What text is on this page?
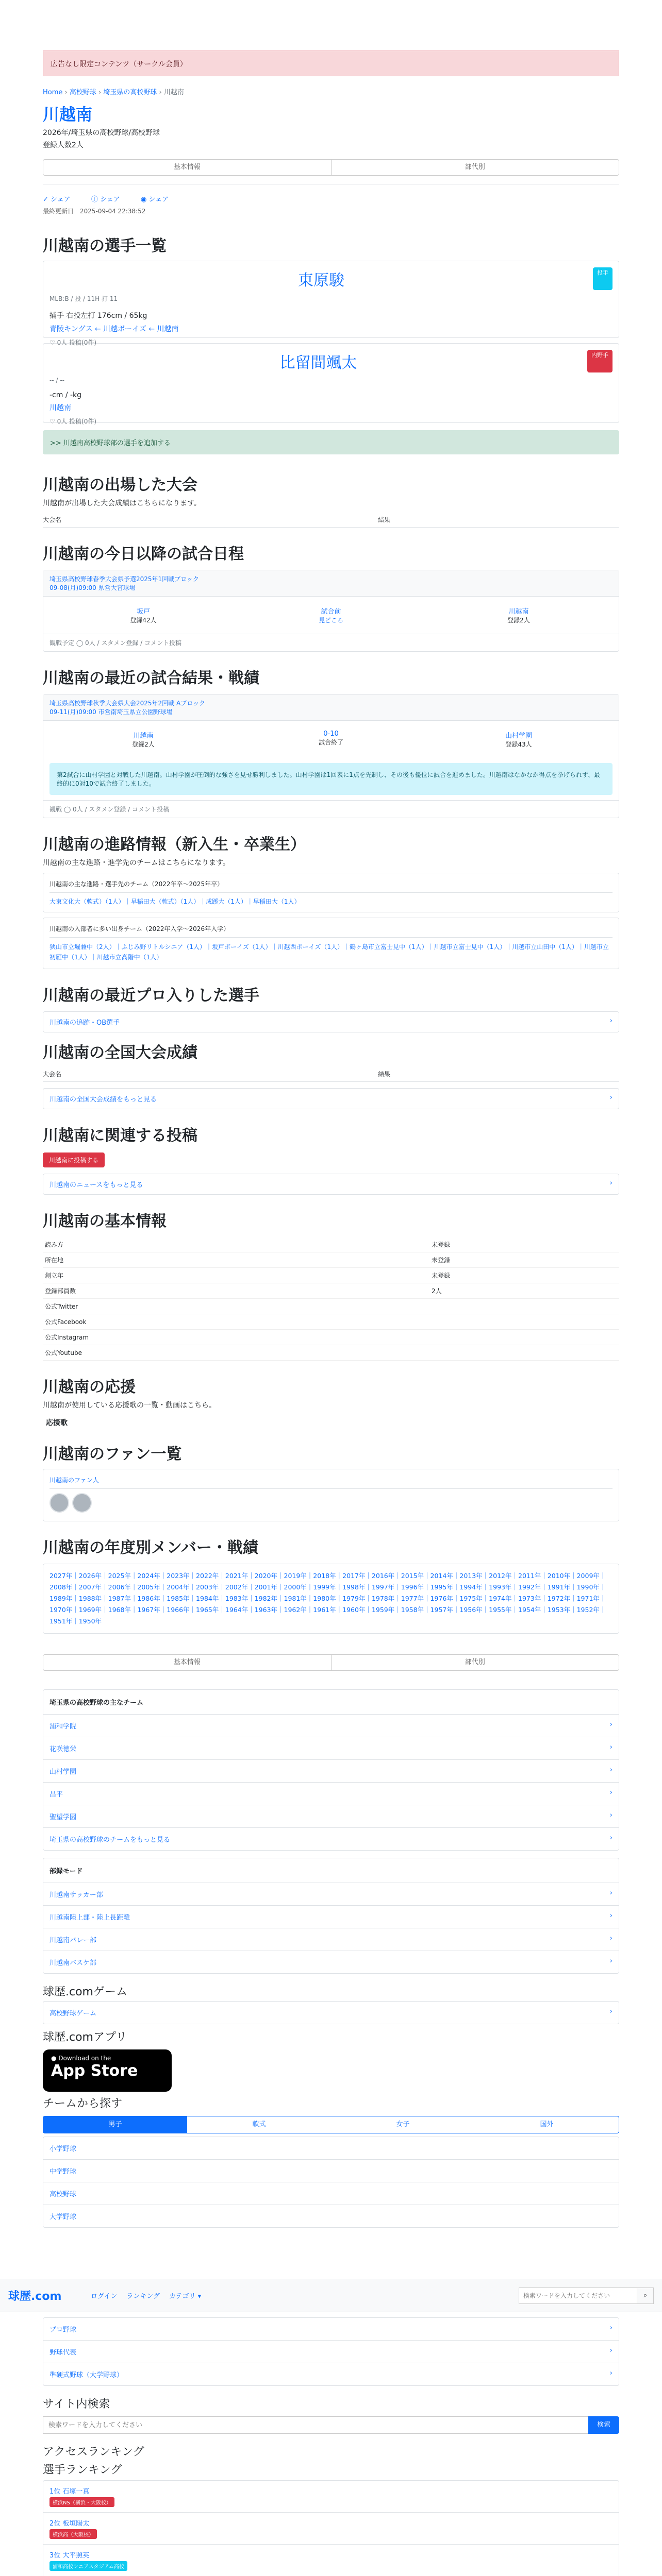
広告なし限定コンテンツ（サークル会員）
Home › 高校野球 › 埼玉県の高校野球 › 川越南
川越南
2026年/埼玉県の高校野球/高校野球
登録人数2人
基本情報	部代別
✓ シェア	ⓕ シェア	◉ シェア
最終更新日　2025-09-04 22:38:52
川越南の選手一覧
東原駿	投手
MLB:B / 投 / 11H 打 11
捕手 右投左打 176cm / 65kg
青陵キングス ← 川越ボーイズ ← 川越南
♡ 0人 投稿(0件)
比留間颯太	内野手
-- / --
-cm / -kg
川越南
♡ 0人 投稿(0件)
>> 川越南高校野球部の選手を追加する
川越南の出場した大会
川越南が出場した大会成績はこちらになります。
大会名	結果
川越南の今日以降の試合日程
埼玉県高校野球春季大会県予選2025年1回戦ブロック
09-08(月)09:00 県営大宮球場
坂戸
登録42人
試合前
見どころ
川越南
登録2人
観戦予定 ◯ 0人 / スタメン登録 / コメント投稿
川越南の最近の試合結果・戦績
埼玉県高校野球秋季大会県大会2025年2回戦 Aブロック
09-11(月)09:00 市営南埼玉県立公園野球場
川越南
登録2人
0-10
試合終了
山村学園
登録43人
第2試合に山村学園と対戦した川越南。山村学園が圧倒的な強さを見せ勝利しました。山村学園は1回表に1点を先制し、その後も優位に試合を進めました。川越南はなかなか得点を挙げられず、最終的に0対10で試合終了しました。
観戦 ◯ 0人 / スタメン登録 / コメント投稿
川越南の進路情報（新入生・卒業生）
川越南の主な進路・進学先のチームはこちらになります。
川越南の主な進路・選手先のチーム（2022年卒〜2025年卒）
大東文化大（軟式）（1人）｜早稲田大（軟式）（1人）｜成蹊大（1人）｜早稲田大（1人）
川越南の入部者に多い出身チーム（2022年入学〜2026年入学）
狭山市立堀兼中（2人）｜ふじみ野リトルシニア（1人）｜坂戸ボーイズ（1人）｜川越西ボーイズ（1人）｜鶴ヶ島市立富士見中（1人）｜川越市立富士見中（1人）｜川越市立山田中（1人）｜川越市立初雁中（1人）｜川越市立高階中（1人）
川越南の最近プロ入りした選手
川越南の追跡・OB選手	›
川越南の全国大会成績
大会名	結果
川越南の全国大会成績をもっと見る	›
川越南に関連する投稿
川越南に投稿する
川越南のニュースをもっと見る	›
川越南の基本情報
読み方	未登録
所在地	未登録
創立年	未登録
登録部員数	2人
公式Twitter	
公式Facebook	
公式Instagram	
公式Youtube	
川越南の応援
川越南が使用している応援歌の一覧・動画はこちら。
応援歌
川越南のファン一覧
川越南のファン人
川越南の年度別メンバー・戦績
2027年｜2026年｜2025年｜2024年｜2023年｜2022年｜2021年｜2020年｜2019年｜2018年｜2017年｜2016年｜2015年｜2014年｜2013年｜2012年｜2011年｜2010年｜2009年｜2008年｜2007年｜2006年｜2005年｜2004年｜2003年｜2002年｜2001年｜2000年｜1999年｜1998年｜1997年｜1996年｜1995年｜1994年｜1993年｜1992年｜1991年｜1990年｜1989年｜1988年｜1987年｜1986年｜1985年｜1984年｜1983年｜1982年｜1981年｜1980年｜1979年｜1978年｜1977年｜1976年｜1975年｜1974年｜1973年｜1972年｜1971年｜1970年｜1969年｜1968年｜1967年｜1966年｜1965年｜1964年｜1963年｜1962年｜1961年｜1960年｜1959年｜1958年｜1957年｜1956年｜1955年｜1954年｜1953年｜1952年｜1951年｜1950年
基本情報	部代別
埼玉県の高校野球の主なチーム
浦和学院	›
花咲徳栄	›
山村学園	›
昌平	›
聖望学園	›
埼玉県の高校野球のチームをもっと見る	›
部録モード
川越南サッカー部	›
川越南陸上部・陸上長距離	›
川越南バレー部	›
川越南バスケ部	›
球歴.comゲーム
高校野球ゲーム	›
球歴.comアプリ
● Download on the
App Store
チームから探す
男子	軟式	女子	国外
小学野球
中学野球
高校野球
大学野球
球歴.com	ログイン ランキング カテゴリ ▾
検索ワードを入力してください	⌕
プロ野球	›
野球代表	›
準硬式野球（大学野球）	›
サイト内検索
検索ワードを入力してください
検索
アクセスランキング
選手ランキング
1位 石塚一真
横浜NS（横浜・大阪校）
2位 板垣陽太
横浜高（大阪校）
3位 大平照英
浦和高校シニアスタジアム高校
